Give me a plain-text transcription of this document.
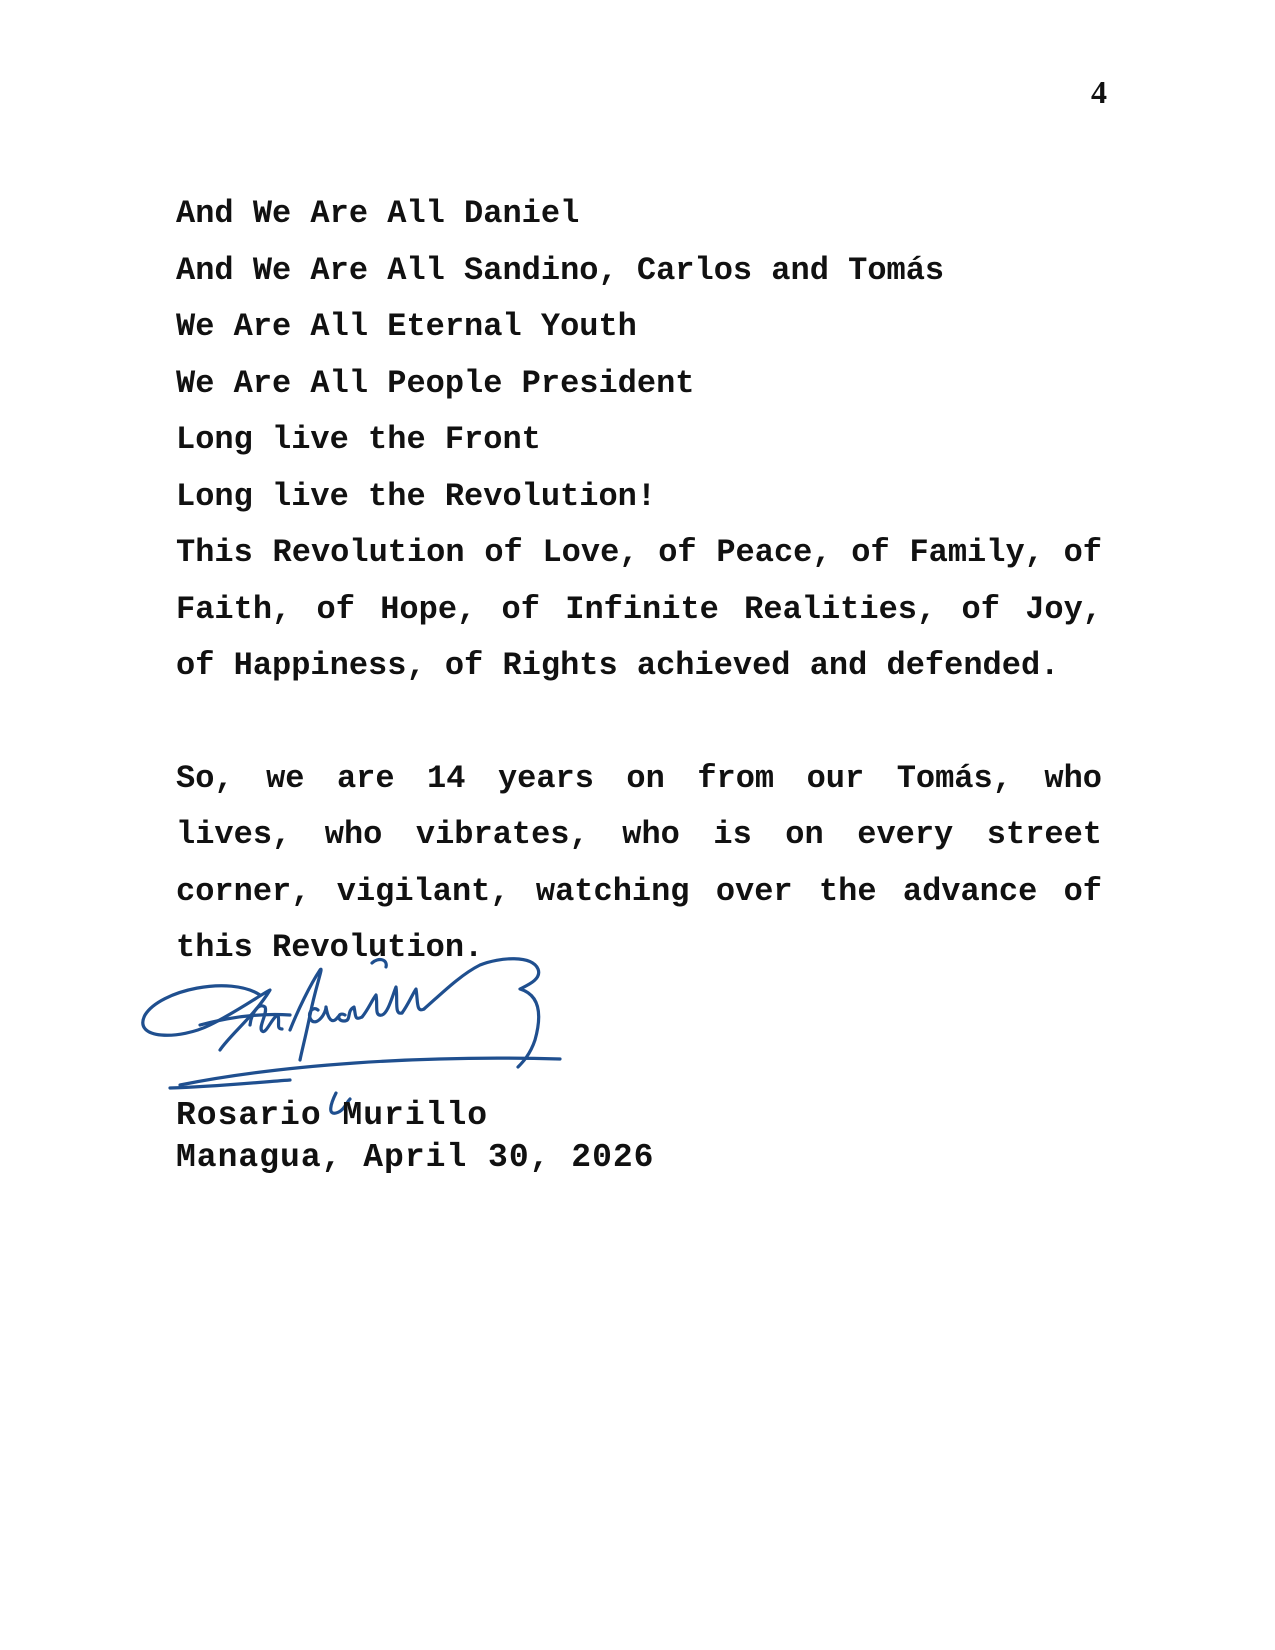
4
And We Are All Daniel
And We Are All Sandino, Carlos and Tomás
We Are All Eternal Youth
We Are All People President
Long live the Front
Long live the Revolution!

This Revolution of Love, of Peace, of Family, of Faith, of Hope, of Infinite Realities, of Joy, of Happiness, of Rights achieved and defended.

So, we are 14 years on from our Tomás, who lives, who vibrates, who is on every street corner, vigilant, watching over the advance of this Revolution.

Rosario Murillo
Managua, April 30, 2026
